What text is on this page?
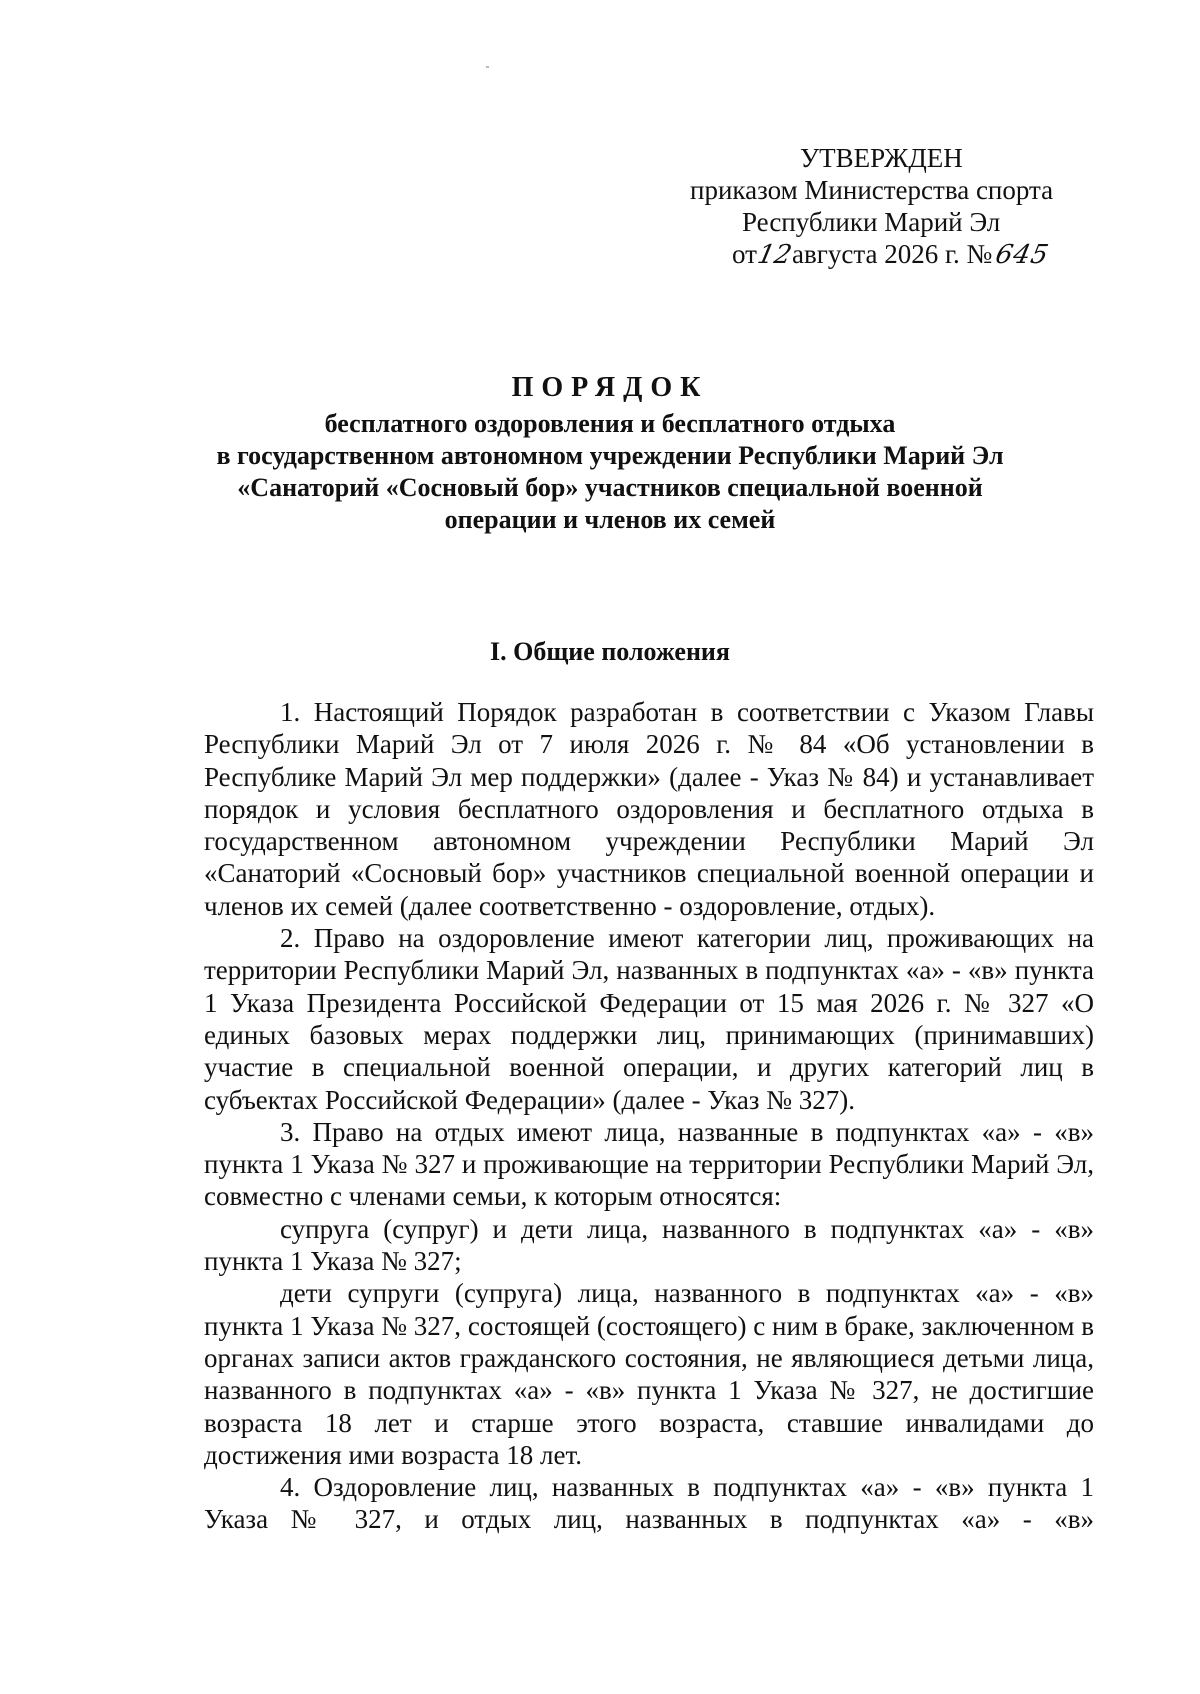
УТВЕРЖДЕН
приказом Министерства спорта
Республики Марий Эл
от12августа 2026 г. №645
ПОРЯДОК
бесплатного оздоровления и бесплатного отдыха
в государственном автономном учреждении Республики Марий Эл
«Санаторий «Сосновый бор» участников специальной военной
операции и членов их семей
I. Общие положения

1. Настоящий Порядок разработан в соответствии с Указом Главы Республики Марий Эл от 7 июля 2026 г. № 84 «Об установлении в Республике Марий Эл мер поддержки» (далее - Указ № 84) и устанавливает порядок и условия бесплатного оздоровления и бесплатного отдыха в государственном автономном учреждении Республики Марий Эл «Санаторий «Сосновый бор» участников специальной военной операции и членов их семей (далее соответственно - оздоровление, отдых).

2. Право на оздоровление имеют категории лиц, проживающих на территории Республики Марий Эл, названных в подпунктах «а» - «в» пункта 1 Указа Президента Российской Федерации от 15 мая 2026 г. № 327 «О единых базовых мерах поддержки лиц, принимающих (принимавших) участие в специальной военной операции, и других категорий лиц в субъектах Российской Федерации» (далее - Указ № 327).

3. Право на отдых имеют лица, названные в подпунктах «а» - «в» пункта 1 Указа № 327 и проживающие на территории Республики Марий Эл, совместно с членами семьи, к которым относятся:

супруга (супруг) и дети лица, названного в подпунктах «а» - «в» пункта 1 Указа № 327;

дети супруги (супруга) лица, названного в подпунктах «а» - «в» пункта 1 Указа № 327, состоящей (состоящего) с ним в браке, заключенном в органах записи актов гражданского состояния, не являющиеся детьми лица, названного в подпунктах «а» - «в» пункта 1 Указа № 327, не достигшие возраста 18 лет и старше этого возраста, ставшие инвалидами до достижения ими возраста 18 лет.

4. Оздоровление лиц, названных в подпунктах «а» - «в» пункта 1 Указа № 327, и отдых лиц, названных в подпунктах «а» - «в»
